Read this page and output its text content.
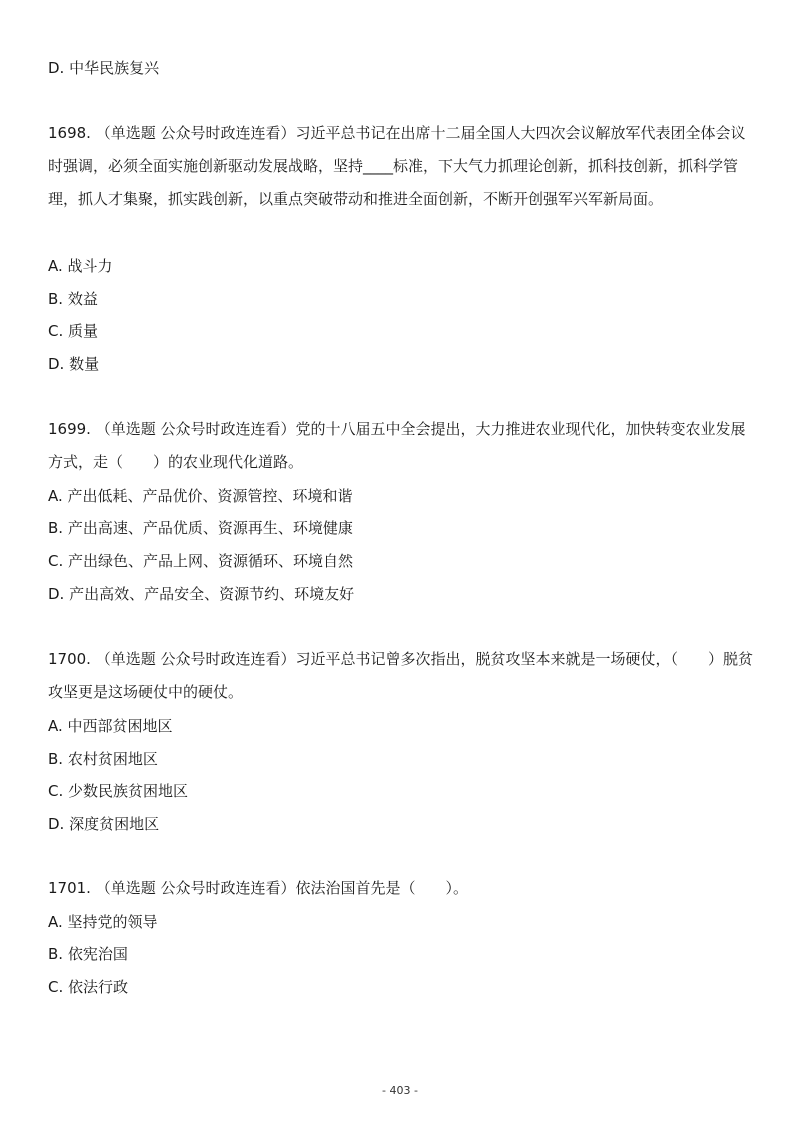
D. 中华民族复兴
1698. （单选题 公众号时政连连看）习近平总书记在出席十二届全国人大四次会议解放军代表团全体会议时强调，必须全面实施创新驱动发展战略，坚持____标准，下大气力抓理论创新，抓科技创新，抓科学管理，抓人才集聚，抓实践创新，以重点突破带动和推进全面创新，不断开创强军兴军新局面。
A. 战斗力
B. 效益
C. 质量
D. 数量
1699. （单选题 公众号时政连连看）党的十八届五中全会提出，大力推进农业现代化，加快转变农业发展方式，走（　　）的农业现代化道路。
A. 产出低耗、产品优价、资源管控、环境和谐
B. 产出高速、产品优质、资源再生、环境健康
C. 产出绿色、产品上网、资源循环、环境自然
D. 产出高效、产品安全、资源节约、环境友好
1700. （单选题 公众号时政连连看）习近平总书记曾多次指出，脱贫攻坚本来就是一场硬仗，（　　）脱贫攻坚更是这场硬仗中的硬仗。
A. 中西部贫困地区
B. 农村贫困地区
C. 少数民族贫困地区
D. 深度贫困地区
1701. （单选题 公众号时政连连看）依法治国首先是（　　）。
A. 坚持党的领导
B. 依宪治国
C. 依法行政
- 403 -
